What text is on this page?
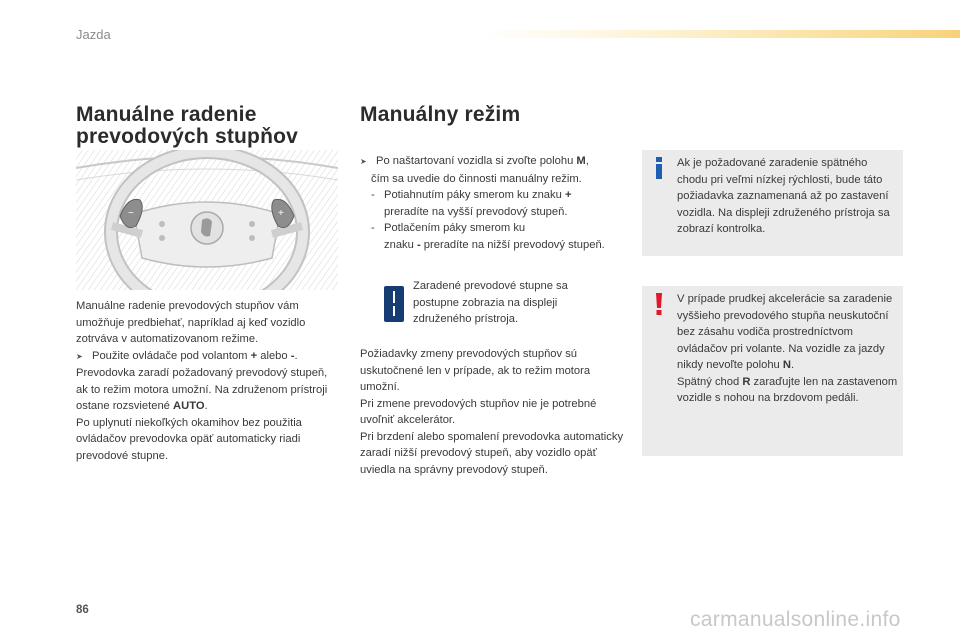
Jazda
Manuálne radenie
prevodových stupňov
−	+

Manuálne radenie prevodových stupňov vám umožňuje predbiehať, napríklad aj keď vozidlo zotrváva v automatizovanom režime.

➤ Použite ovládače pod volantom + alebo -.

Prevodovka zaradí požadovaný prevodový stupeň, ak to režim motora umožní. Na združenom prístroji ostane rozsvietené AUTO.

Po uplynutí niekoľkých okamihov bez použitia ovládačov prevodovka opäť automaticky riadi prevodové stupne.

Manuálny režim

➤ Po naštartovaní vozidla si zvoľte polohu M,

čím sa uvedie do činnosti manuálny režim.

- Potiahnutím páky smerom ku znaku +

preradíte na vyšší prevodový stupeň.

- Potlačením páky smerom ku

znaku - preradíte na nižší prevodový stupeň.

Zaradené prevodové stupne sa postupne zobrazia na displeji združeného prístroja.

Požiadavky zmeny prevodových stupňov sú uskutočnené len v prípade, ak to režim motora umožní.

Pri zmene prevodových stupňov nie je potrebné uvoľniť akcelerátor.

Pri brzdení alebo spomalení prevodovka automaticky zaradí nižší prevodový stupeň, aby vozidlo opäť uviedla na správny prevodový stupeň.

Ak je požadované zaradenie spätného chodu pri veľmi nízkej rýchlosti, bude táto požiadavka zaznamenaná až po zastavení vozidla. Na displeji združeného prístroja sa zobrazí kontrolka.

V prípade prudkej akcelerácie sa zaradenie vyššieho prevodového stupňa neuskutoční bez zásahu vodiča prostredníctvom ovládačov pri volante. Na vozidle za jazdy nikdy nevoľte polohu N.

Spätný chod R zaraďujte len na zastavenom vozidle s nohou na brzdovom pedáli.

86	carmanualsonline.info
